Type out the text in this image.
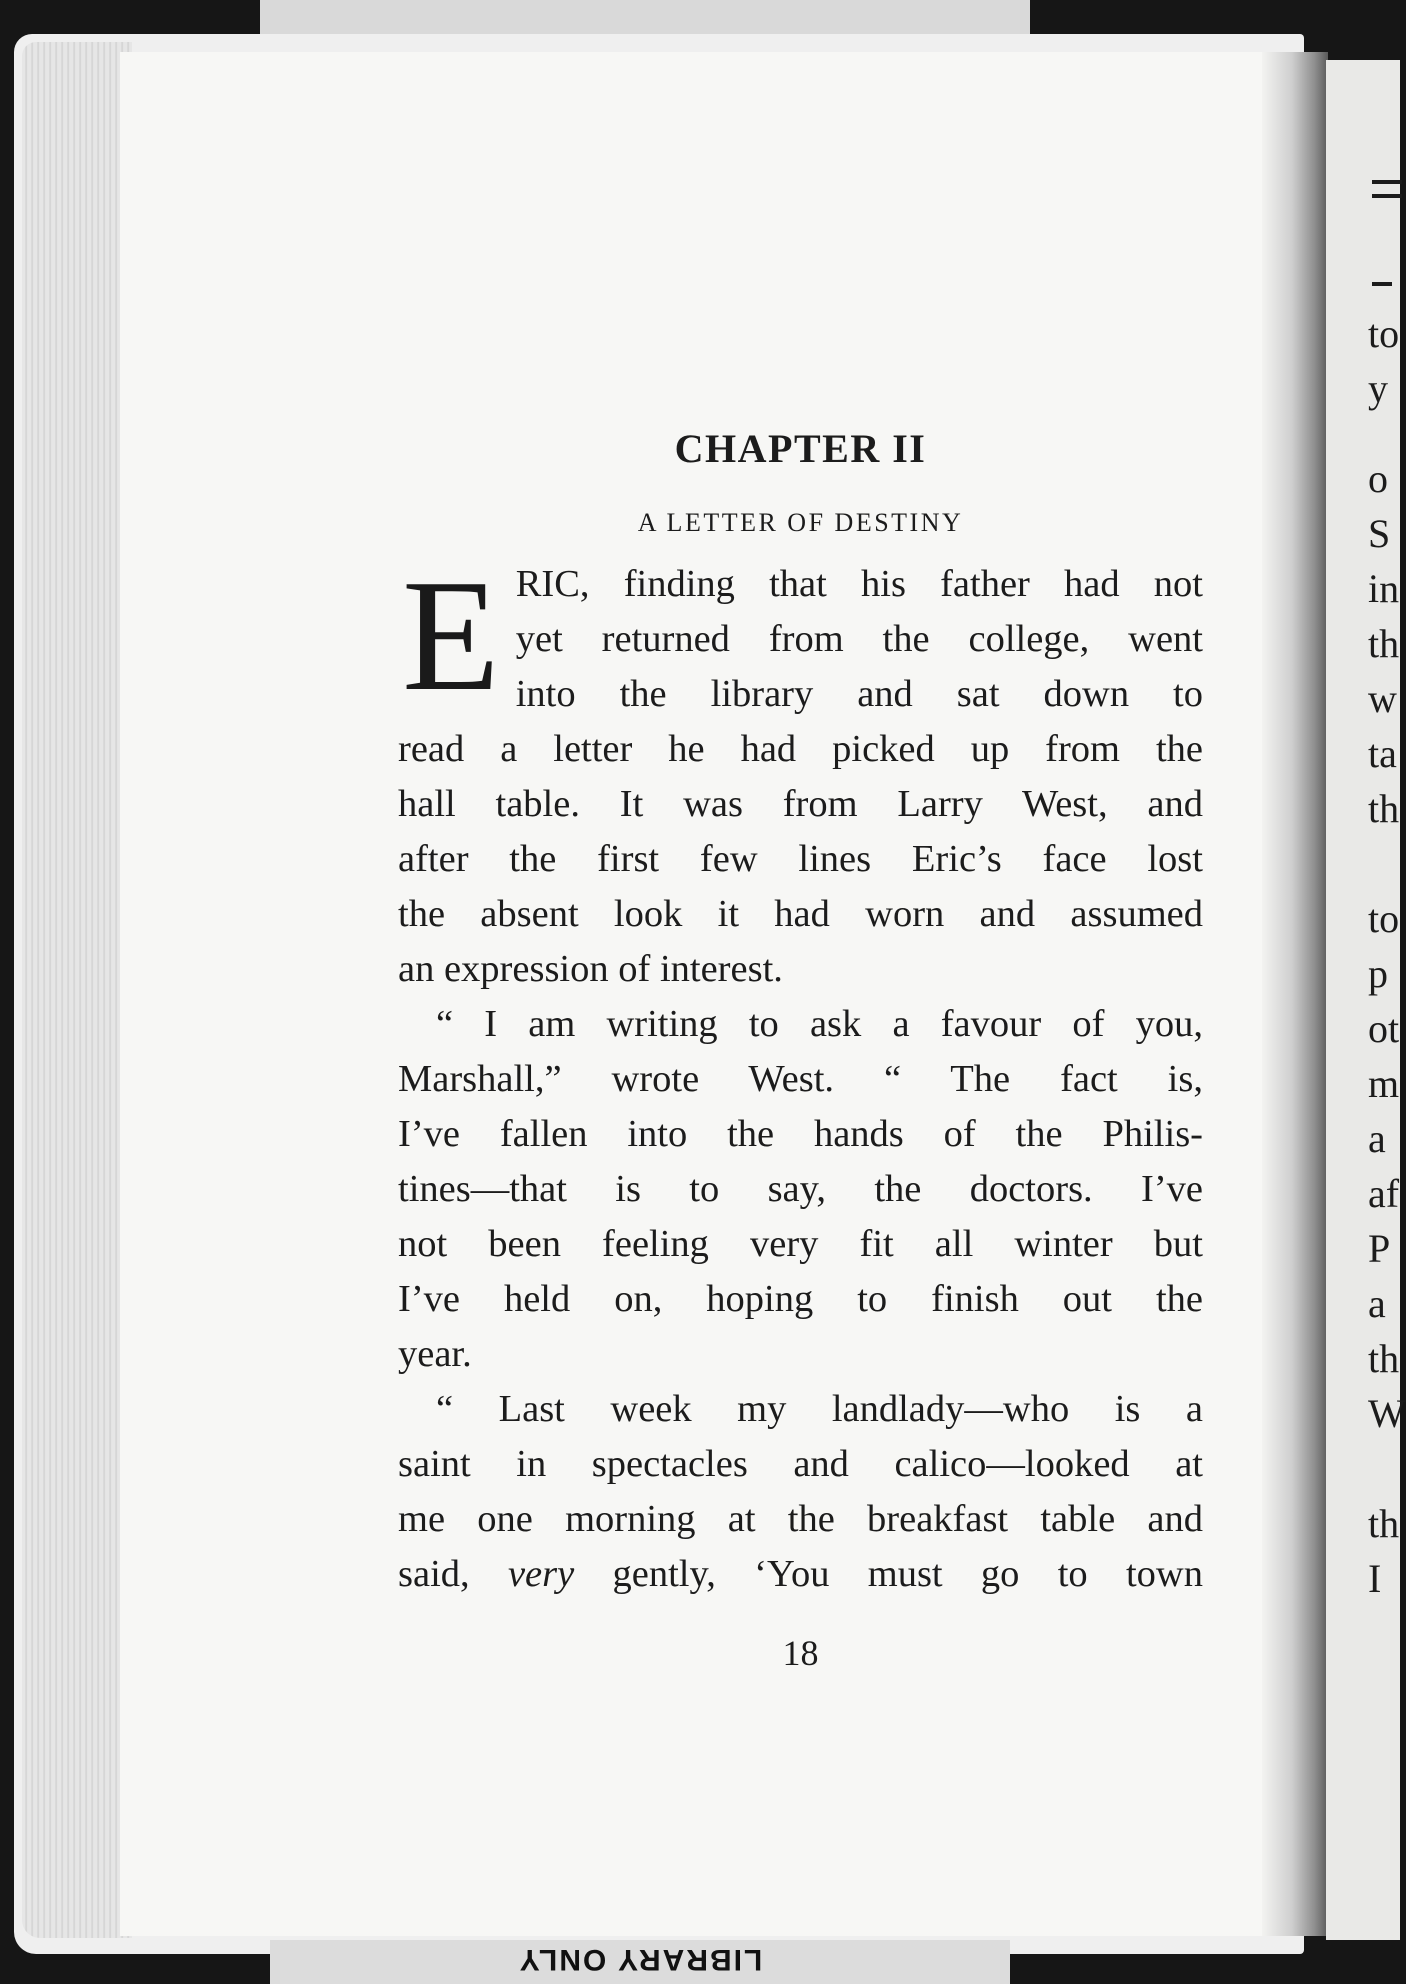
to
y
o
S
in
th
w
ta
th
to
p
ot
m
a
af
P
a
th
W
th
I
CHAPTER II
A LETTER OF DESTINY
E RIC, finding that his father had not
yet returned from the college, went
into the library and sat down to
read a letter he had picked up from the
hall table. It was from Larry West, and
after the first few lines Eric’s face lost
the absent look it had worn and assumed
an expression of interest.
“ I am writing to ask a favour of you,
Marshall,” wrote West. “ The fact is,
I’ve fallen into the hands of the Philis-
tines—that is to say, the doctors. I’ve
not been feeling very fit all winter but
I’ve held on, hoping to finish out the
year.
“ Last week my landlady—who is a
saint in spectacles and calico—looked at
me one morning at the breakfast table and
said, very gently, ‘You must go to town
18
LIBRARY ONLY
